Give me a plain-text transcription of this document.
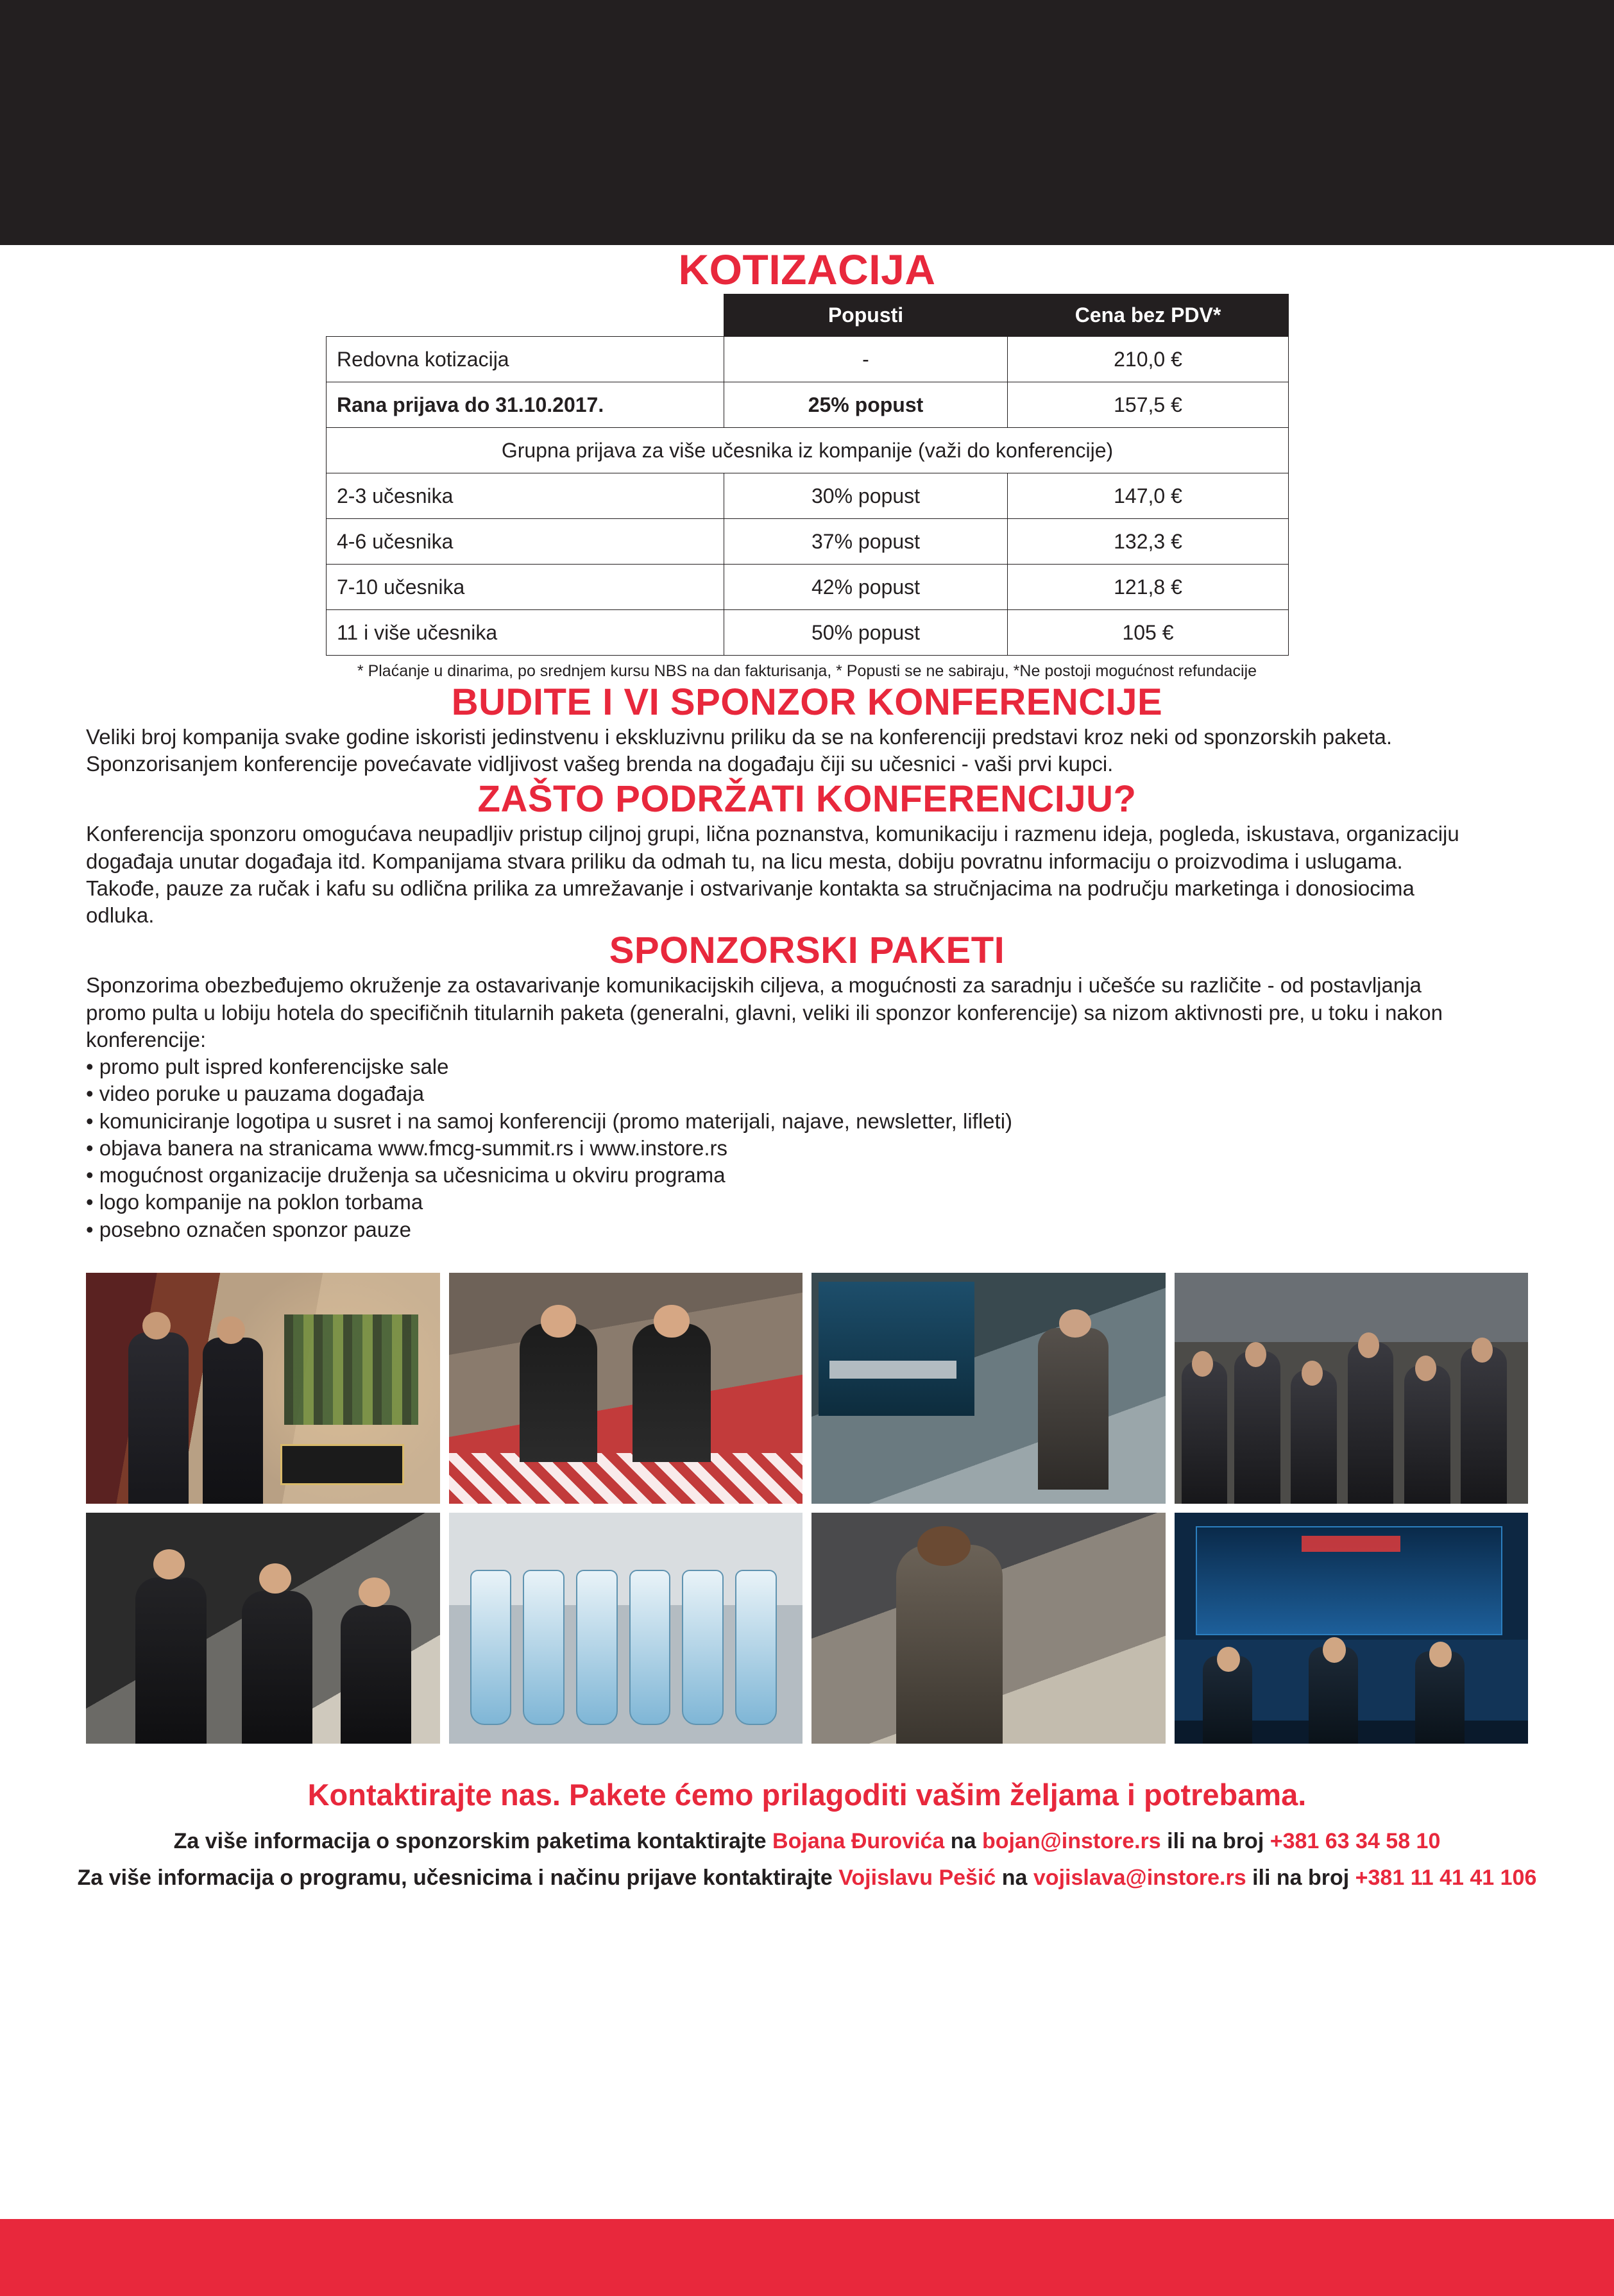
KOTIZACIJA
	Popusti	Cena bez PDV*
Redovna kotizacija	-	210,0 €
Rana prijava do 31.10.2017.	25% popust	157,5 €
Grupna prijava za više učesnika iz kompanije (važi do konferencije)		
2-3 učesnika	30% popust	147,0 €
4-6 učesnika	37% popust	132,3 €
7-10 učesnika	42% popust	121,8 €
11 i više učesnika	50% popust	105 €
* Plaćanje u dinarima, po srednjem kursu NBS na dan fakturisanja, * Popusti se ne sabiraju, *Ne postoji mogućnost refundacije
BUDITE I VI SPONZOR KONFERENCIJE
Veliki broj kompanija svake godine iskoristi jedinstvenu i ekskluzivnu priliku da se na konferenciji predstavi kroz neki od sponzorskih paketa.
Sponzorisanjem konferencije povećavate vidljivost vašeg brenda na događaju čiji su učesnici - vaši prvi kupci.
ZAŠTO PODRŽATI KONFERENCIJU?
Konferencija sponzoru omogućava neupadljiv pristup ciljnoj grupi, lična poznanstva, komunikaciju i razmenu ideja, pogleda, iskustava, organizaciju
događaja unutar događaja itd. Kompanijama stvara priliku da odmah tu, na licu mesta, dobiju povratnu informaciju o proizvodima i uslugama.
Takođe, pauze za ručak i kafu su odlična prilika za umrežavanje i ostvarivanje kontakta sa stručnjacima na području marketinga i donosiocima
odluka.
SPONZORSKI PAKETI
Sponzorima obezbeđujemo okruženje za ostavarivanje komunikacijskih ciljeva, a mogućnosti za saradnju i učešće su različite - od postavljanja
promo pulta u lobiju hotela do specifičnih titularnih paketa (generalni, glavni, veliki ili sponzor konferencije) sa nizom aktivnosti pre, u toku i nakon
konferencije:
• promo pult ispred konferencijske sale
• video poruke u pauzama događaja
• komuniciranje logotipa u susret i na samoj konferenciji (promo materijali, najave, newsletter, lifleti)
• objava banera na stranicama www.fmcg-summit.rs i www.instore.rs
• mogućnost organizacije druženja sa učesnicima u okviru programa
• logo kompanije na poklon torbama
• posebno označen sponzor pauze
Kontaktirajte nas. Pakete ćemo prilagoditi vašim željama i potrebama.
Za više informacija o sponzorskim paketima kontaktirajte Bojana Đurovića na bojan@instore.rs ili na broj +381 63 34 58 10
Za više informacija o programu, učesnicima i načinu prijave kontaktirajte Vojislavu Pešić na vojislava@instore.rs ili na broj +381 11 41 41 106
